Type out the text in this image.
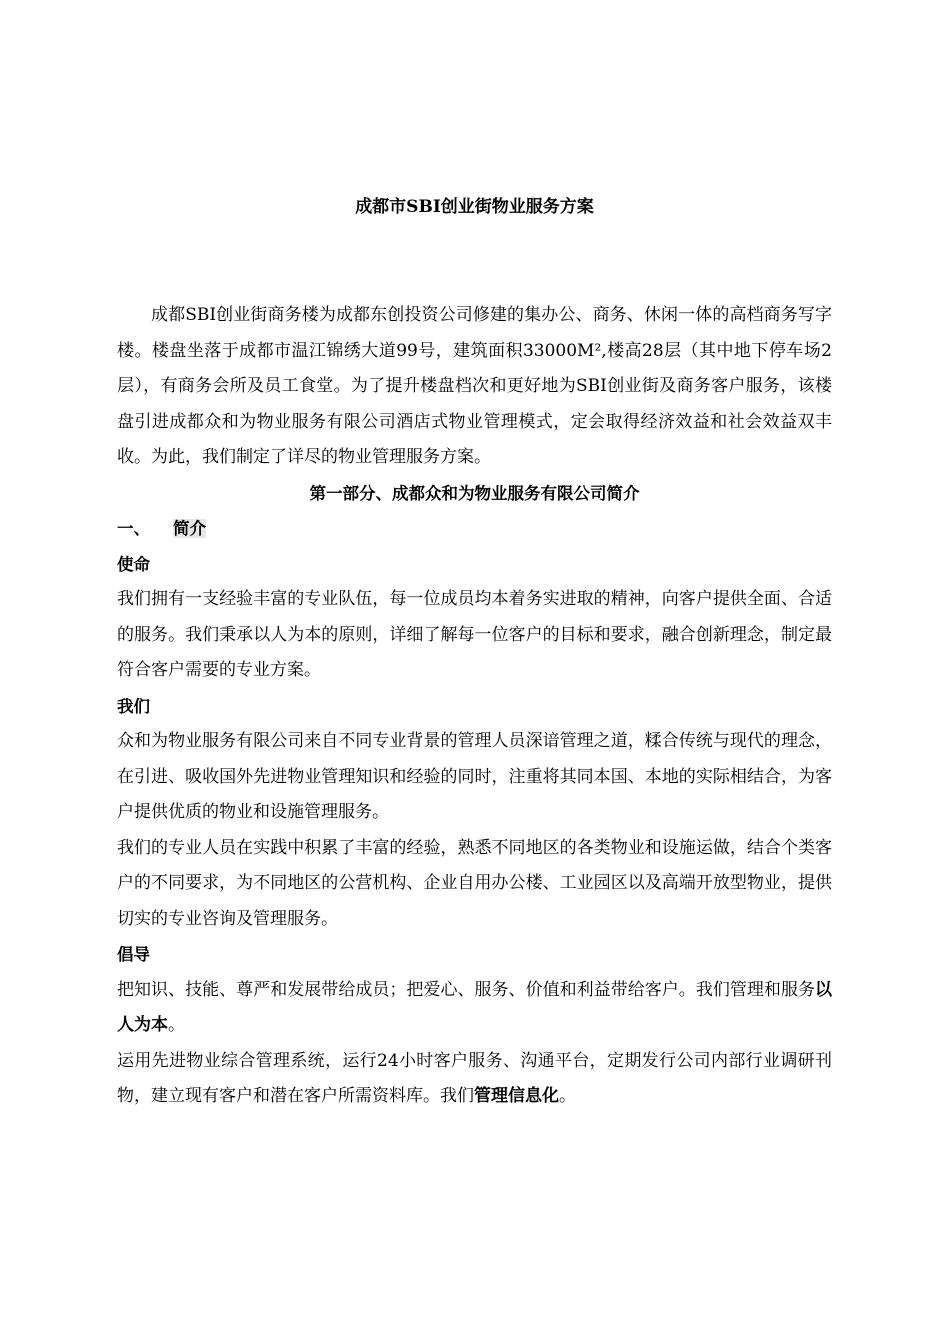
成都市SBI创业街物业服务方案

成都SBI创业街商务楼为成都东创投资公司修建的集办公、商务、休闲一体的高档商务写字楼。楼盘坐落于成都市温江锦绣大道99号，建筑面积33000M²,楼高28层（其中地下停车场2层），有商务会所及员工食堂。为了提升楼盘档次和更好地为SBI创业街及商务客户服务，该楼盘引进成都众和为物业服务有限公司酒店式物业管理模式，定会取得经济效益和社会效益双丰收。为此，我们制定了详尽的物业管理服务方案。

第一部分、成都众和为物业服务有限公司简介
一、 简介
使命

我们拥有一支经验丰富的专业队伍，每一位成员均本着务实进取的精神，向客户提供全面、合适的服务。我们秉承以人为本的原则，详细了解每一位客户的目标和要求，融合创新理念，制定最符合客户需要的专业方案。

我们

众和为物业服务有限公司来自不同专业背景的管理人员深谙管理之道，糅合传统与现代的理念，在引进、吸收国外先进物业管理知识和经验的同时，注重将其同本国、本地的实际相结合，为客户提供优质的物业和设施管理服务。

我们的专业人员在实践中积累了丰富的经验，熟悉不同地区的各类物业和设施运做，结合个类客户的不同要求，为不同地区的公营机构、企业自用办公楼、工业园区以及高端开放型物业，提供切实的专业咨询及管理服务。

倡导

把知识、技能、尊严和发展带给成员；把爱心、服务、价值和利益带给客户。我们管理和服务以人为本。

运用先进物业综合管理系统，运行24小时客户服务、沟通平台，定期发行公司内部行业调研刊物，建立现有客户和潜在客户所需资料库。我们管理信息化。
